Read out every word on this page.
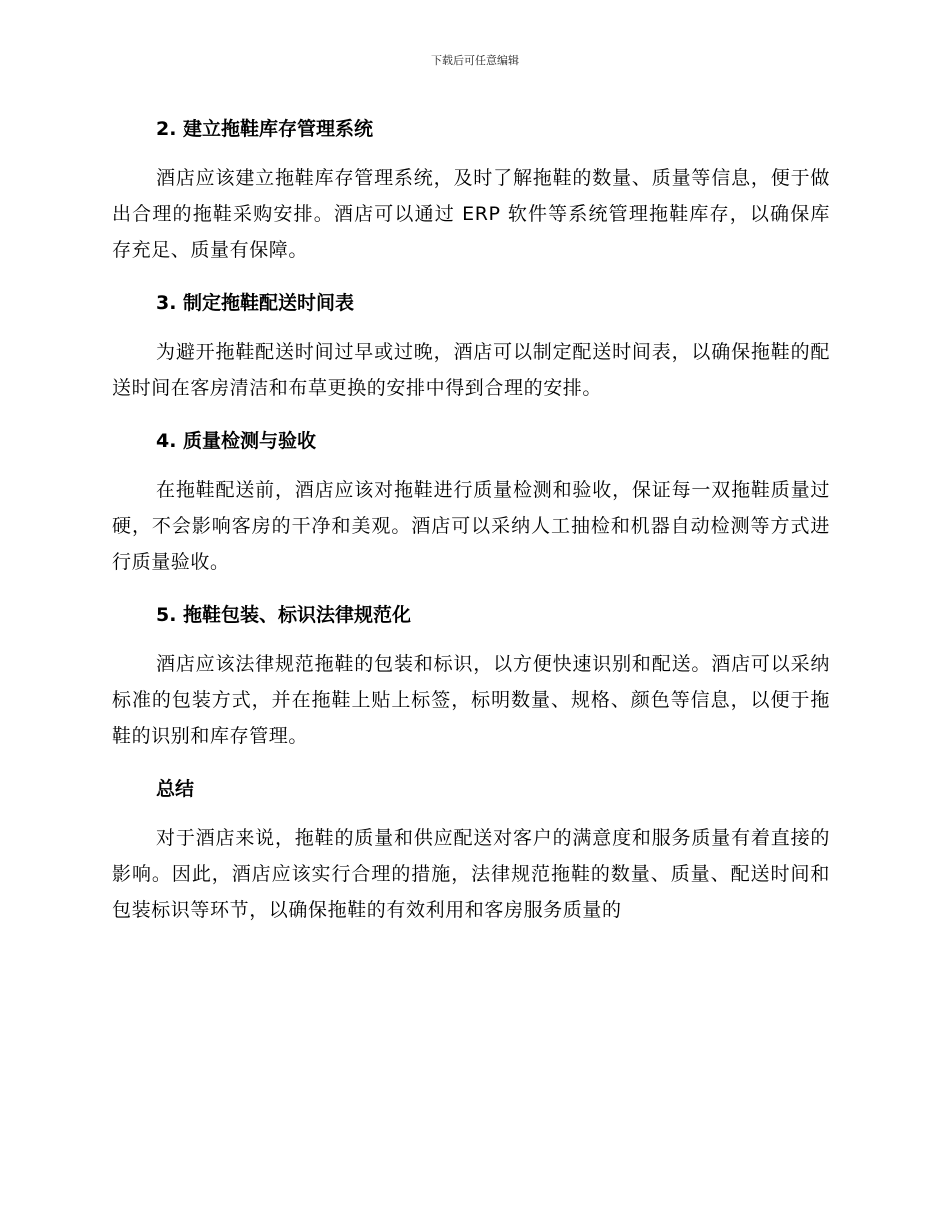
下载后可任意编辑
2. 建立拖鞋库存管理系统

酒店应该建立拖鞋库存管理系统，及时了解拖鞋的数量、质量等信息，便于做出合理的拖鞋采购安排。酒店可以通过 ERP 软件等系统管理拖鞋库存，以确保库存充足、质量有保障。

3. 制定拖鞋配送时间表

为避开拖鞋配送时间过早或过晚，酒店可以制定配送时间表，以确保拖鞋的配送时间在客房清洁和布草更换的安排中得到合理的安排。

4. 质量检测与验收

在拖鞋配送前，酒店应该对拖鞋进行质量检测和验收，保证每一双拖鞋质量过硬，不会影响客房的干净和美观。酒店可以采纳人工抽检和机器自动检测等方式进行质量验收。

5. 拖鞋包装、标识法律规范化

酒店应该法律规范拖鞋的包装和标识，以方便快速识别和配送。酒店可以采纳标准的包装方式，并在拖鞋上贴上标签，标明数量、规格、颜色等信息，以便于拖鞋的识别和库存管理。

总结

对于酒店来说，拖鞋的质量和供应配送对客户的满意度和服务质量有着直接的影响。因此，酒店应该实行合理的措施，法律规范拖鞋的数量、质量、配送时间和包装标识等环节，以确保拖鞋的有效利用和客房服务质量的
